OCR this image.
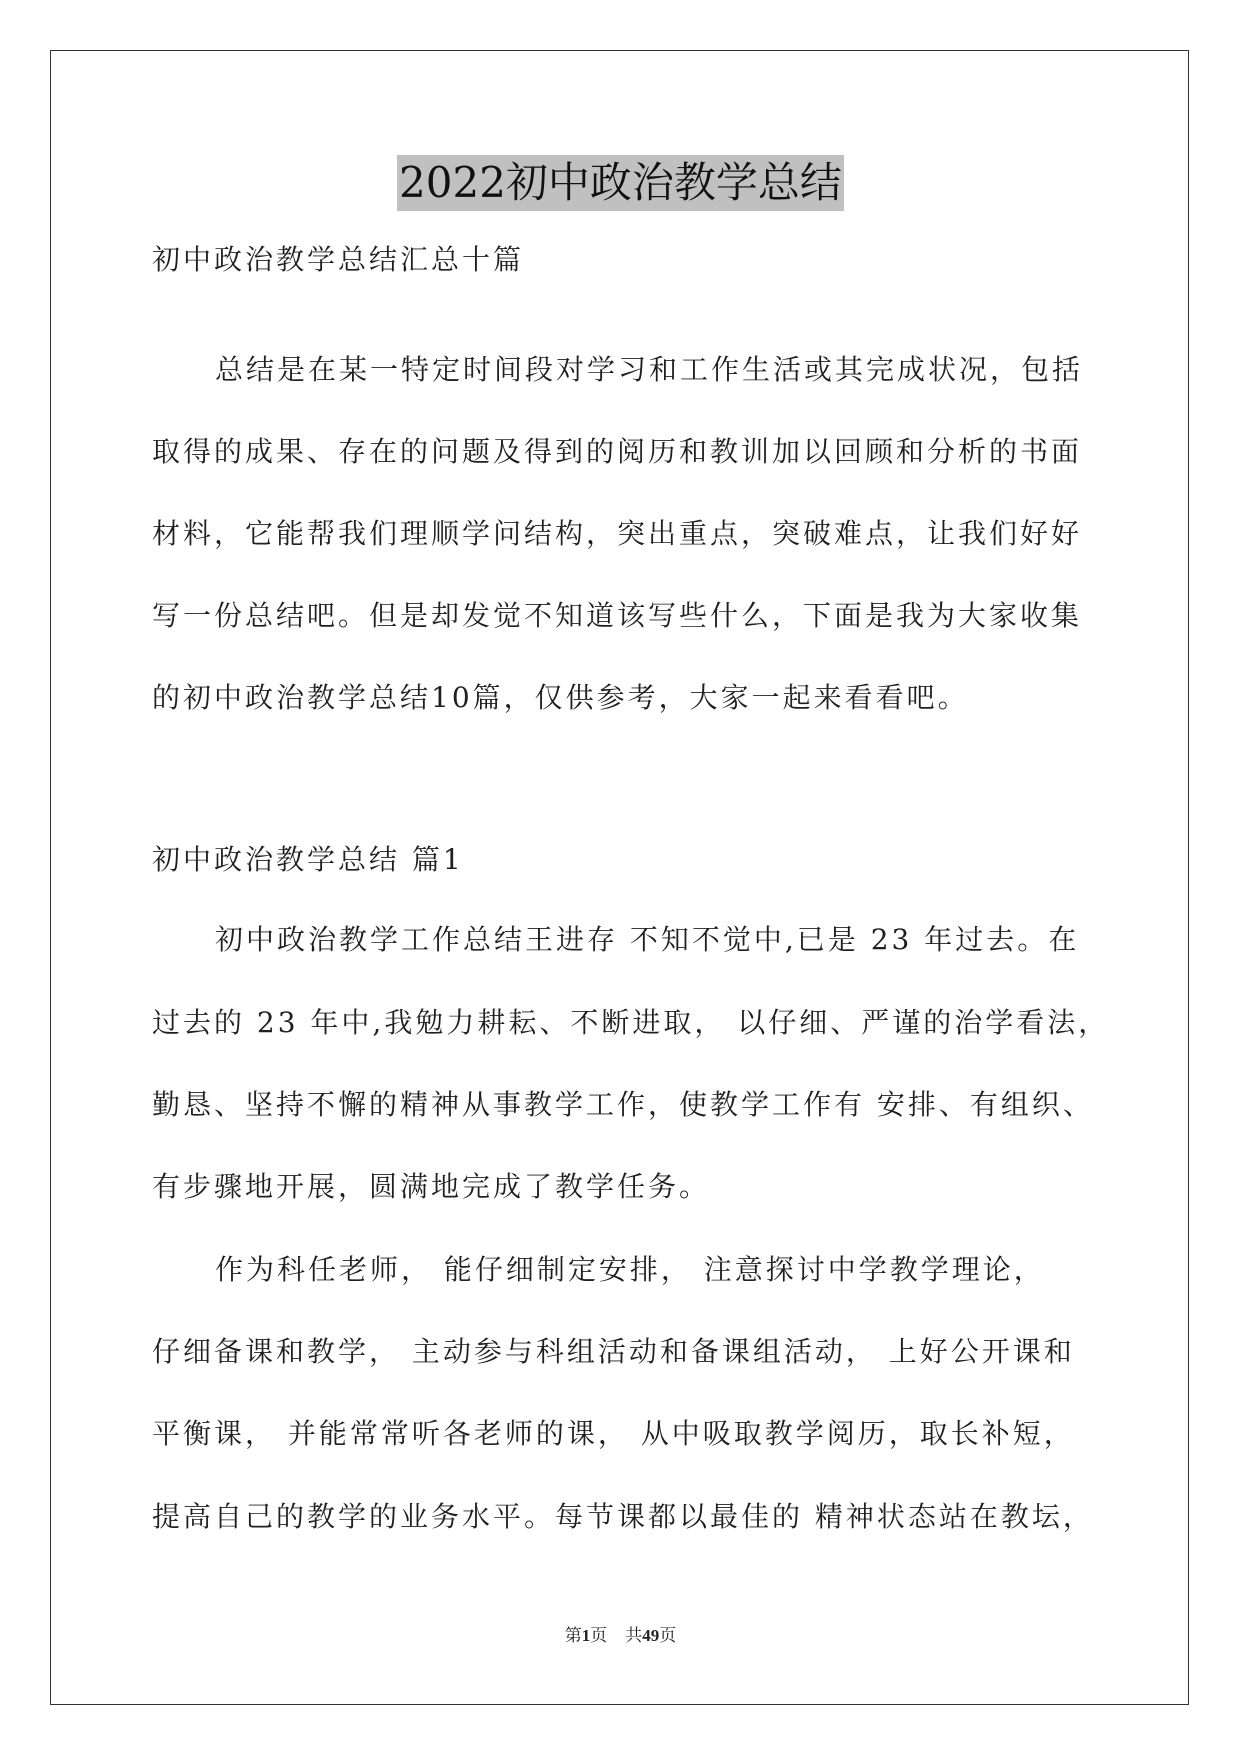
2022初中政治教学总结
初中政治教学总结汇总十篇
总结是在某一特定时间段对学习和工作生活或其完成状况，包括
取得的成果、存在的问题及得到的阅历和教训加以回顾和分析的书面
材料，它能帮我们理顺学问结构，突出重点，突破难点，让我们好好
写一份总结吧。但是却发觉不知道该写些什么，下面是我为大家收集
的初中政治教学总结10篇，仅供参考，大家一起来看看吧。
初中政治教学总结 篇1
初中政治教学工作总结王进存 不知不觉中,已是 23 年过去。在
过去的 23 年中,我勉力耕耘、不断进取， 以仔细、严谨的治学看法，
勤恳、坚持不懈的精神从事教学工作，使教学工作有 安排、有组织、
有步骤地开展，圆满地完成了教学任务。
作为科任老师， 能仔细制定安排， 注意探讨中学教学理论，
仔细备课和教学， 主动参与科组活动和备课组活动， 上好公开课和
平衡课， 并能常常听各老师的课， 从中吸取教学阅历，取长补短，
提高自己的教学的业务水平。每节课都以最佳的 精神状态站在教坛，
第1页 共49页
